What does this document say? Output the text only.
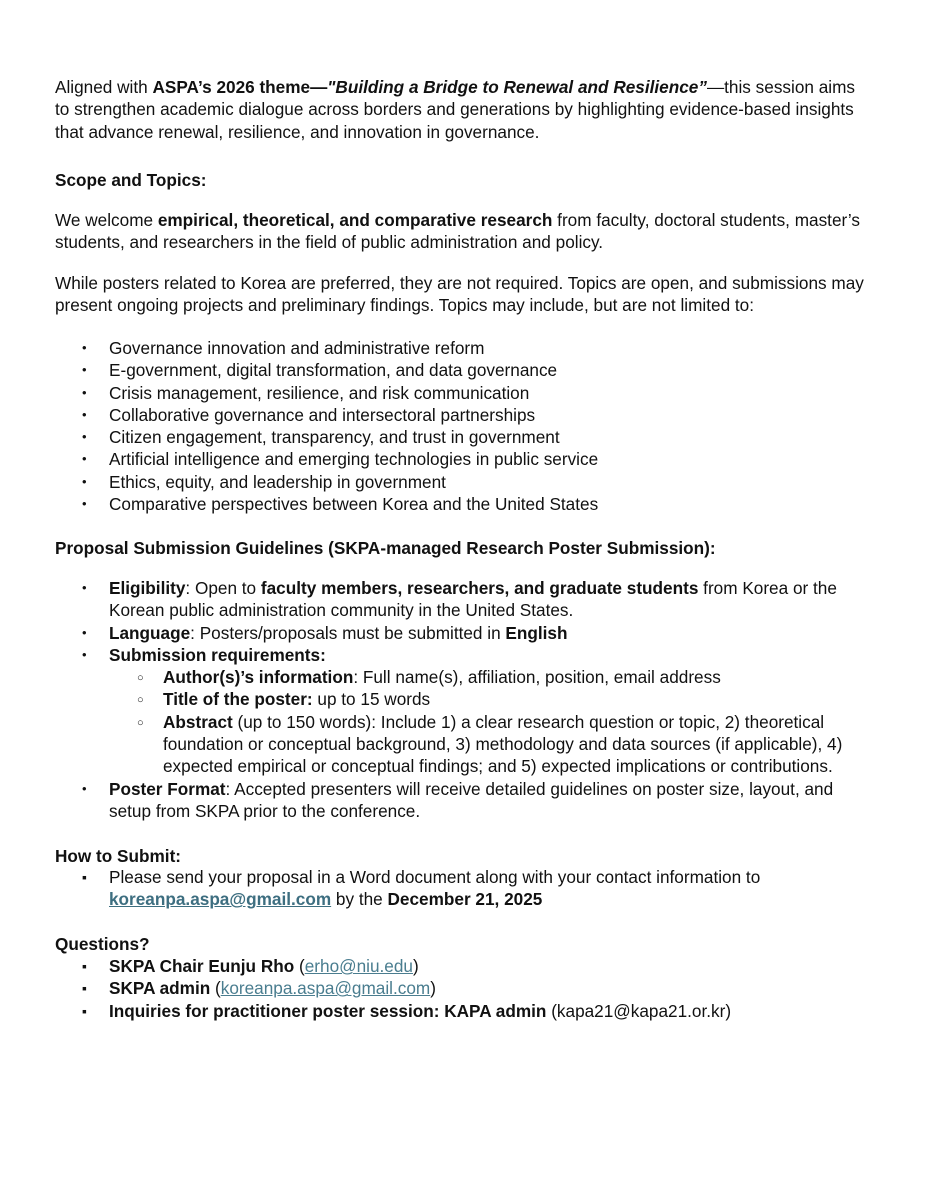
Aligned with ASPA’s 2026 theme—"Building a Bridge to Renewal and Resilience”—this session aims to strengthen academic dialogue across borders and generations by highlighting evidence-based insights that advance renewal, resilience, and innovation in governance.

Scope and Topics:

We welcome empirical, theoretical, and comparative research from faculty, doctoral students, master’s students, and researchers in the field of public administration and policy.

While posters related to Korea are preferred, they are not required. Topics are open, and submissions may present ongoing projects and preliminary findings. Topics may include, but are not limited to:

• Governance innovation and administrative reform
• E-government, digital transformation, and data governance
• Crisis management, resilience, and risk communication
• Collaborative governance and intersectoral partnerships
• Citizen engagement, transparency, and trust in government
• Artificial intelligence and emerging technologies in public service
• Ethics, equity, and leadership in government
• Comparative perspectives between Korea and the United States

Proposal Submission Guidelines (SKPA-managed Research Poster Submission):

• Eligibility: Open to faculty members, researchers, and graduate students from Korea or the Korean public administration community in the United States.
• Language: Posters/proposals must be submitted in English
• Submission requirements:
○ Author(s)’s information: Full name(s), affiliation, position, email address
○ Title of the poster: up to 15 words
○ Abstract (up to 150 words): Include 1) a clear research question or topic, 2) theoretical foundation or conceptual background, 3) methodology and data sources (if applicable), 4) expected empirical or conceptual findings; and 5) expected implications or contributions.
• Poster Format: Accepted presenters will receive detailed guidelines on poster size, layout, and setup from SKPA prior to the conference.

How to Submit:

▪ Please send your proposal in a Word document along with your contact information to koreanpa.aspa@gmail.com by the December 21, 2025

Questions?

▪ SKPA Chair Eunju Rho (erho@niu.edu)
▪ SKPA admin (koreanpa.aspa@gmail.com)
▪ Inquiries for practitioner poster session: KAPA admin (kapa21@kapa21.or.kr)
